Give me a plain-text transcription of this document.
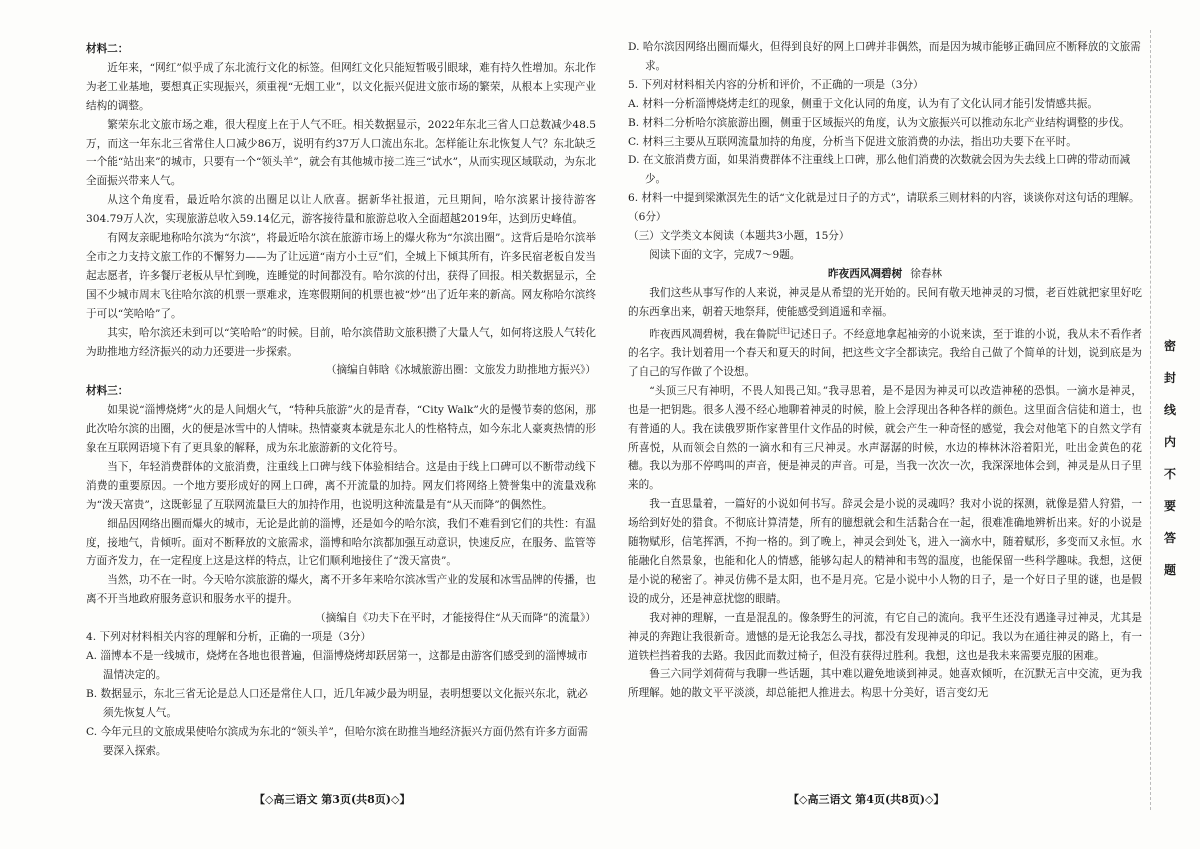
材料二：

近年来，“网红”似乎成了东北流行文化的标签。但网红文化只能短暂吸引眼球，难有持久性增加。东北作为老工业基地，要想真正实现振兴，须重视“无烟工业”，以文化振兴促进文旅市场的繁荣，从根本上实现产业结构的调整。

繁荣东北文旅市场之难，很大程度上在于人气不旺。相关数据显示，2022年东北三省人口总数减少48.5万，而这一年东北三省常住人口减少86万，说明有约37万人口流出东北。怎样能让东北恢复人气？东北缺乏一个能“站出来”的城市，只要有一个“领头羊”，就会有其他城市接二连三“试水”，从而实现区域联动，为东北全面振兴带来人气。

从这个角度看，最近哈尔滨的出圈足以让人欣喜。据新华社报道，元旦期间，哈尔滨累计接待游客304.79万人次，实现旅游总收入59.14亿元，游客接待量和旅游总收入全面超越2019年，达到历史峰值。

有网友亲昵地称哈尔滨为“尔滨”，将最近哈尔滨在旅游市场上的爆火称为“尔滨出圈”。这背后是哈尔滨举全市之力支持文旅工作的不懈努力——为了让远道“南方小土豆”们，全城上下倾其所有，许多民宿老板自发当起志愿者，许多餐厅老板从早忙到晚，连睡觉的时间都没有。哈尔滨的付出，获得了回报。相关数据显示，全国不少城市周末飞往哈尔滨的机票一票难求，连寒假期间的机票也被“炒”出了近年来的新高。网友称哈尔滨终于可以“笑哈哈”了。

其实，哈尔滨还未到可以“笑哈哈”的时候。目前，哈尔滨借助文旅积攒了大量人气，如何将这股人气转化为助推地方经济振兴的动力还要进一步探索。

（摘编自韩晗《冰城旅游出圈：文旅发力助推地方振兴》）

材料三：

如果说“淄博烧烤”火的是人间烟火气，“特种兵旅游”火的是青春，“City Walk”火的是慢节奏的悠闲，那此次哈尔滨的出圈，火的便是冰雪中的人情味。热情豪爽本就是东北人的性格特点，如今东北人豪爽热情的形象在互联网语境下有了更具象的解释，成为东北旅游新的文化符号。

当下，年轻消费群体的文旅消费，注重线上口碑与线下体验相结合。这是由于线上口碑可以不断带动线下消费的重要原因。一个地方要形成好的网上口碑，离不开流量的加持。网友们将网络上赞誉集中的流量戏称为“泼天富贵”，这既彰显了互联网流量巨大的加持作用，也说明这种流量是有“从天而降”的偶然性。

细品因网络出圈而爆火的城市，无论是此前的淄博，还是如今的哈尔滨，我们不难看到它们的共性：有温度，接地气，肯倾听。面对不断释放的文旅需求，淄博和哈尔滨都加强互动意识，快速反应，在服务、监管等方面齐发力，在一定程度上这是这样的特点，让它们顺利地接住了“泼天富贵”。

当然，功不在一时。今天哈尔滨旅游的爆火，离不开多年来哈尔滨冰雪产业的发展和冰雪品牌的传播，也离不开当地政府服务意识和服务水平的提升。

（摘编自《功夫下在平时，才能接得住“从天而降”的流量》）

4. 下列对材料相关内容的理解和分析，正确的一项是（3分）

A. 淄博本不是一线城市，烧烤在各地也很普遍，但淄博烧烤却跃居第一，这都是由游客们感受到的淄博城市温情决定的。

B. 数据显示，东北三省无论是总人口还是常住人口，近几年减少最为明显，表明想要以文化振兴东北，就必须先恢复人气。

C. 今年元旦的文旅成果使哈尔滨成为东北的“领头羊”，但哈尔滨在助推当地经济振兴方面仍然有许多方面需要深入探索。

D. 哈尔滨因网络出圈而爆火，但得到良好的网上口碑并非偶然，而是因为城市能够正确回应不断释放的文旅需求。

5. 下列对材料相关内容的分析和评价，不正确的一项是（3分）

A. 材料一分析淄博烧烤走红的现象，侧重于文化认同的角度，认为有了文化认同才能引发情感共振。

B. 材料二分析哈尔滨旅游出圈，侧重于区域振兴的角度，认为文旅振兴可以推动东北产业结构调整的步伐。

C. 材料三主要从互联网流量加持的角度，分析当下促进文旅消费的办法，指出功夫要下在平时。

D. 在文旅消费方面，如果消费群体不注重线上口碑，那么他们消费的次数就会因为失去线上口碑的带动而减少。

6. 材料一中提到梁漱溟先生的话“文化就是过日子的方式”，请联系三则材料的内容，谈谈你对这句话的理解。（6分）

（三）文学类文本阅读（本题共3小题，15分）

阅读下面的文字，完成7～9题。

昨夜西风凋碧树 徐春林

我们这些从事写作的人来说，神灵是从希望的光开始的。民间有敬天地神灵的习惯，老百姓就把家里好吃的东西拿出来，朝着天地祭拜，使能感受到逍遥和幸福。

昨夜西风凋碧树，我在鲁院[注]记述日子。不经意地拿起袖旁的小说来读，至于谁的小说，我从未不看作者的名字。我计划着用一个春天和夏天的时间，把这些文字全都读完。我给自己做了个简单的计划，说到底是为了自己的写作做了个设想。

“头顶三尺有神明，不畏人知畏己知。”我寻思着，是不是因为神灵可以改造神秘的恐惧。一滴水是神灵，也是一把钥匙。很多人漫不经心地聊着神灵的时候，脸上会浮现出各种各样的颜色。这里面含信徒和道士，也有普通的人。我在读俄罗斯作家普里什文作品的时候，就会产生一种奇怪的感觉，我会对他笔下的自然文学有所喜悦，从而领会自然的一滴水和有三尺神灵。水声潺潺的时候，水边的棒林沐浴着阳光，吐出金黄色的花穗。我以为那不停鸣叫的声音，便是神灵的声音。可是，当我一次次一次，我深深地体会到，神灵是从日子里来的。

我一直思量着，一篇好的小说如何书写。辞灵会是小说的灵魂吗？我对小说的探测，就像是猎人狩猎，一场给到好处的猎食。不彻底计算清楚，所有的臆想就会和生活黏合在一起，很难准确地辨析出来。好的小说是随物赋形，信笔挥洒，不拘一格的。到了晚上，神灵会到处飞，进入一滴水中，随着赋形，多变而又永恒。水能融化自然景象，也能和化人的情感，能够勾起人的精神和韦驾的温度，也能保留一些科学趣味。我想，这便是小说的秘密了。神灵仿佛不是太阳，也不是月亮。它是小说中小人物的日子，是一个好日子里的谜，也是假设的成分，还是神意扰惚的眼睛。

我对神的理解，一直是混乱的。像条野生的河流，有它自己的流向。我平生还没有遇逢寻过神灵，尤其是神灵的奔跑让我很新奇。遗憾的是无论我怎么寻找，都没有发现神灵的印记。我以为在通往神灵的路上，有一道铁栏挡着我的去路。我因此而数过椅子，但没有获得过胜利。我想，这也是我未来需要克服的困难。

鲁三六同学刘荷荷与我聊一些话题，其中难以避免地谈到神灵。她喜欢倾听，在沉默无言中交流，更为我所理解。她的散文平平淡淡，却总能把人推进去。构思十分美好，语言变幻无

【◇高三语文 第3页(共8页)◇】	【◇高三语文 第4页(共8页)◇】
密
封
线
内
不
要
答
题
